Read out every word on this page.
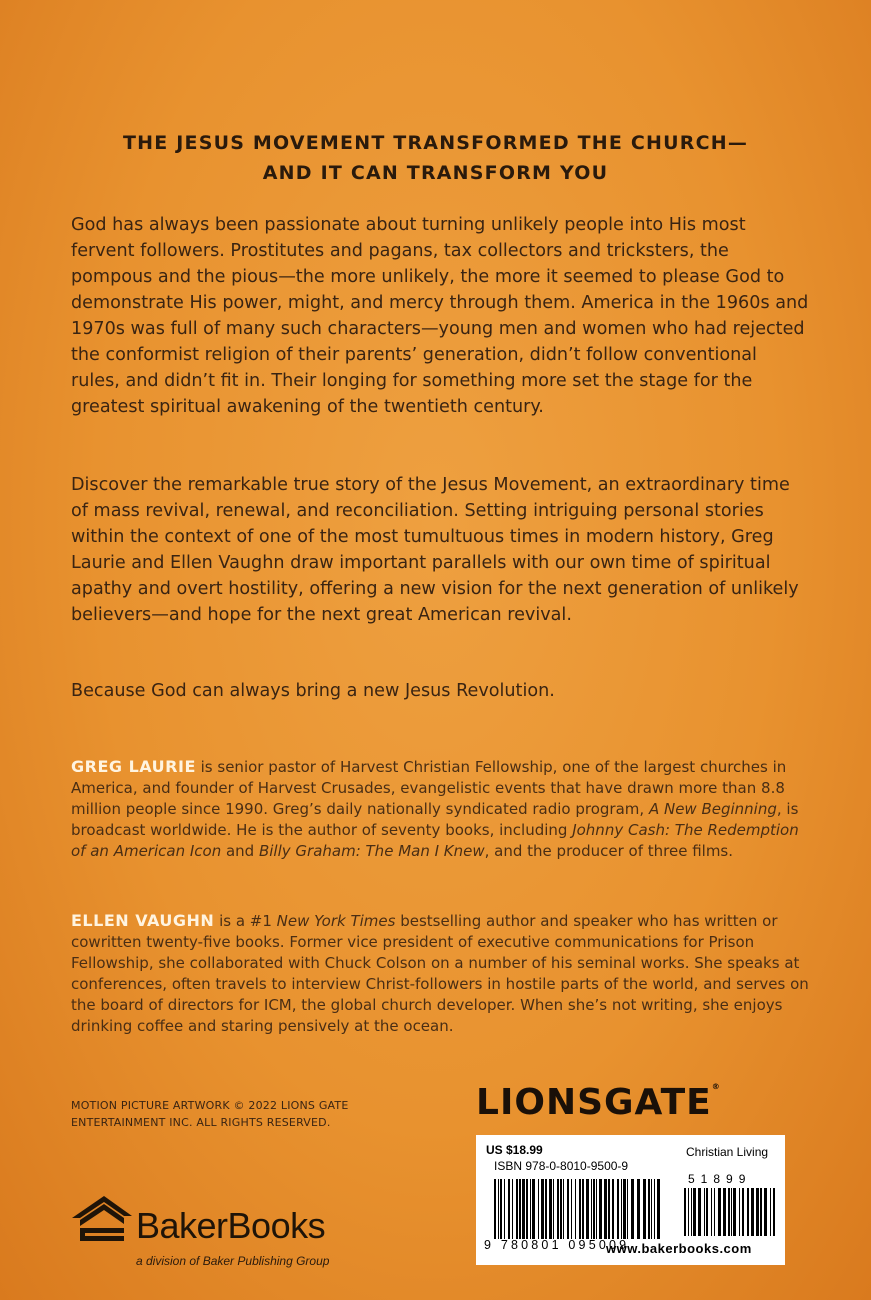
THE JESUS MOVEMENT TRANSFORMED THE CHURCH—
AND IT CAN TRANSFORM YOU
God has always been passionate about turning unlikely people into His most fervent followers. Prostitutes and pagans, tax collectors and tricksters, the pompous and the pious—the more unlikely, the more it seemed to please God to demonstrate His power, might, and mercy through them. America in the 1960s and 1970s was full of many such characters—young men and women who had rejected the conformist religion of their parents’ generation, didn’t follow conventional rules, and didn’t fit in. Their longing for something more set the stage for the greatest spiritual awakening of the twentieth century.
Discover the remarkable true story of the Jesus Movement, an extraordinary time of mass revival, renewal, and reconciliation. Setting intriguing personal stories within the context of one of the most tumultuous times in modern history, Greg Laurie and Ellen Vaughn draw important parallels with our own time of spiritual apathy and overt hostility, offering a new vision for the next generation of unlikely believers—and hope for the next great American revival.
Because God can always bring a new Jesus Revolution.
GREG LAURIE is senior pastor of Harvest Christian Fellowship, one of the largest churches in America, and founder of Harvest Crusades, evangelistic events that have drawn more than 8.8 million people since 1990. Greg’s daily nationally syndicated radio program, A New Beginning, is broadcast worldwide. He is the author of seventy books, including Johnny Cash: The Redemption of an American Icon and Billy Graham: The Man I Knew, and the producer of three films.
ELLEN VAUGHN is a #1 New York Times bestselling author and speaker who has written or cowritten twenty-five books. Former vice president of executive communications for Prison Fellowship, she collaborated with Chuck Colson on a number of his seminal works. She speaks at conferences, often travels to interview Christ-followers in hostile parts of the world, and serves on the board of directors for ICM, the global church developer. When she’s not writing, she enjoys drinking coffee and staring pensively at the ocean.
MOTION PICTURE ARTWORK © 2022 LIONS GATE
ENTERTAINMENT INC. ALL RIGHTS RESERVED.	LIONSGATE®
US $18.99	Christian Living
ISBN 978-0-8010-9500-9
9 780801 095009
51899
www.bakerbooks.com
BakerBooks
a division of Baker Publishing Group
